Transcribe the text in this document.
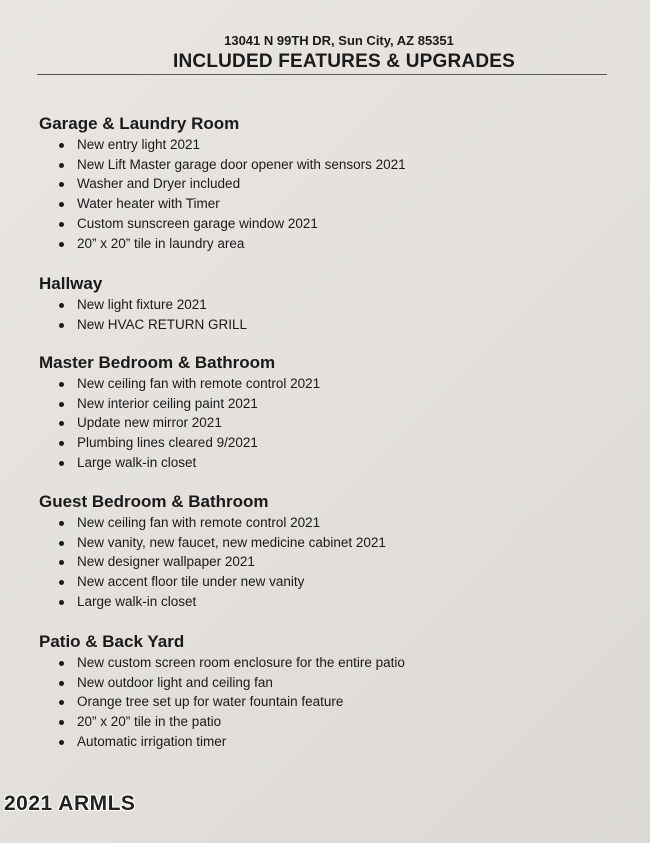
13041 N 99TH DR, Sun City, AZ 85351
INCLUDED FEATURES & UPGRADES
Garage & Laundry Room
New entry light 2021
New Lift Master garage door opener with sensors 2021
Washer and Dryer included
Water heater with Timer
Custom sunscreen garage window 2021
20” x 20” tile in laundry area
Hallway
New light fixture 2021
New HVAC RETURN GRILL
Master Bedroom & Bathroom
New ceiling fan with remote control 2021
New interior ceiling paint 2021
Update new mirror 2021
Plumbing lines cleared 9/2021
Large walk-in closet
Guest Bedroom & Bathroom
New ceiling fan with remote control 2021
New vanity, new faucet, new medicine cabinet 2021
New designer wallpaper 2021
New accent floor tile under new vanity
Large walk-in closet
Patio & Back Yard
New custom screen room enclosure for the entire patio
New outdoor light and ceiling fan
Orange tree set up for water fountain feature
20” x 20” tile in the patio
Automatic irrigation timer
2021 ARMLS
